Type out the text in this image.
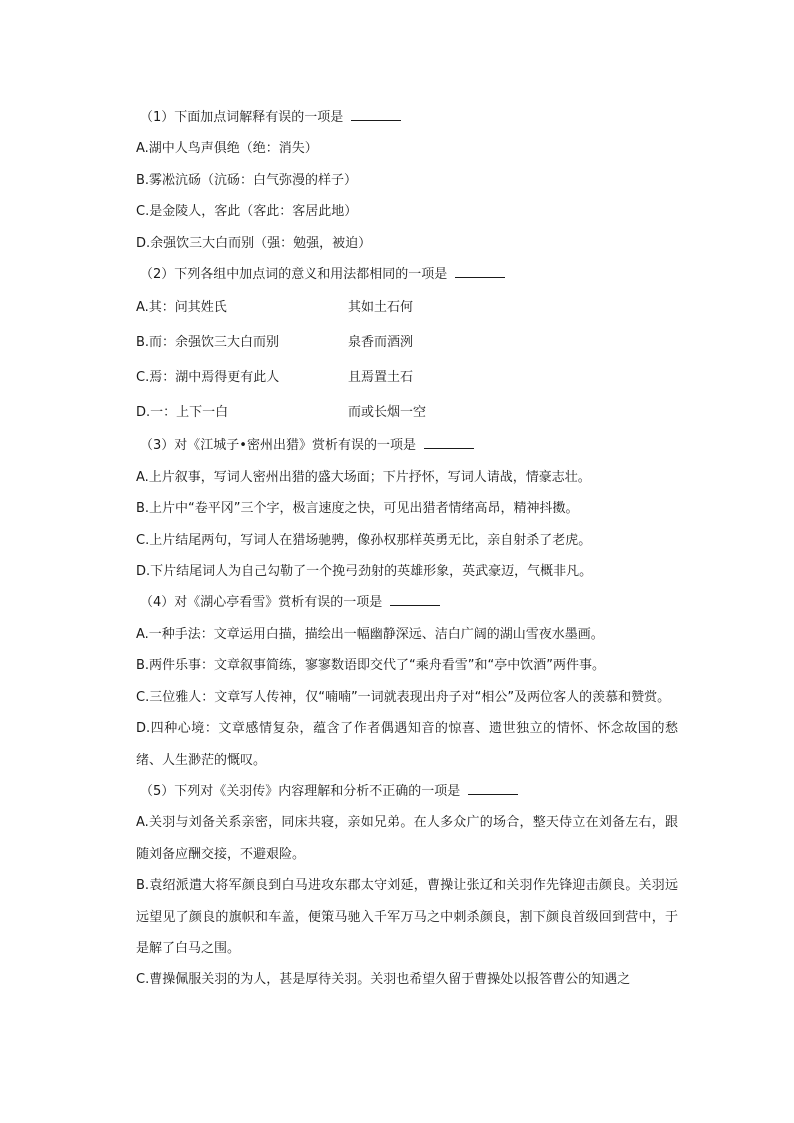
（1）下面加点词解释有误的一项是

A.湖中人鸟声俱绝（绝：消失）

B.雾凇沆砀（沆砀：白气弥漫的样子）

C.是金陵人，客此（客此：客居此地）

D.余强饮三大白而别（强：勉强，被迫）

（2）下列各组中加点词的意义和用法都相同的一项是

A.其：问其姓氏	其如土石何
B.而：余强饮三大白而别	泉香而酒洌
C.焉：湖中焉得更有此人	且焉置土石
D.一：上下一白	而或长烟一空

（3）对《江城子•密州出猎》赏析有误的一项是

A.上片叙事，写词人密州出猎的盛大场面；下片抒怀，写词人请战，情豪志壮。

B.上片中“卷平冈”三个字，极言速度之快，可见出猎者情绪高昂，精神抖擞。

C.上片结尾两句，写词人在猎场驰骋，像孙权那样英勇无比，亲自射杀了老虎。

D.下片结尾词人为自己勾勒了一个挽弓劲射的英雄形象，英武豪迈，气概非凡。

（4）对《湖心亭看雪》赏析有误的一项是

A.一种手法：文章运用白描，描绘出一幅幽静深远、洁白广阔的湖山雪夜水墨画。

B.两件乐事：文章叙事简练，寥寥数语即交代了“乘舟看雪”和“亭中饮酒”两件事。

C.三位雅人：文章写人传神，仅“喃喃”一词就表现出舟子对“相公”及两位客人的羡慕和赞赏。

D.四种心境：文章感情复杂，蕴含了作者偶遇知音的惊喜、遗世独立的情怀、怀念故国的愁绪、人生渺茫的慨叹。

（5）下列对《关羽传》内容理解和分析不正确的一项是

A.关羽与刘备关系亲密，同床共寝，亲如兄弟。在人多众广的场合，整天侍立在刘备左右，跟随刘备应酬交接，不避艰险。

B.袁绍派遣大将军颜良到白马进攻东郡太守刘延，曹操让张辽和关羽作先锋迎击颜良。关羽远远望见了颜良的旗帜和车盖，便策马驰入千军万马之中刺杀颜良，割下颜良首级回到营中，于是解了白马之围。

C.曹操佩服关羽的为人，甚是厚待关羽。关羽也希望久留于曹操处以报答曹公的知遇之
